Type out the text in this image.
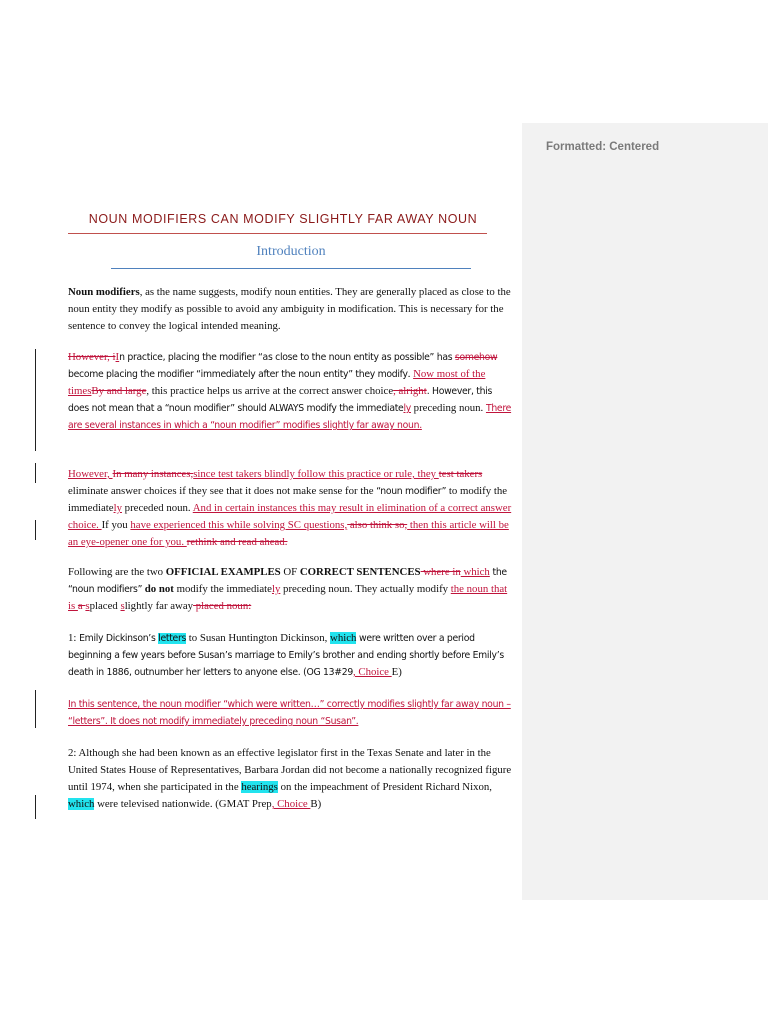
NOUN MODIFIERS CAN MODIFY SLIGHTLY FAR AWAY NOUN
Introduction
Noun modifiers, as the name suggests, modify noun entities. They are generally placed as close to the noun entity they modify as possible to avoid any ambiguity in modification. This is necessary for the sentence to convey the logical intended meaning.
However, iIn practice, placing the modifier “as close to the noun entity as possible” has somehow become placing the modifier “immediately after the noun entity” they modify. Now most of the timesBy and large, this practice helps us arrive at the correct answer choice, alright. However, this does not mean that a “noun modifier” should ALWAYS modify the immediately preceding noun. There are several instances in which a “noun modifier” modifies slightly far away noun.
However, In many instances,since test takers blindly follow this practice or rule, they test takers eliminate answer choices if they see that it does not make sense for the “noun modifier” to modify the immediately preceded noun. And in certain instances this may result in elimination of a correct answer choice. If you have experienced this while solving SC questions, also think so, then this article will be an eye-opener one for you. rethink and read ahead.
Following are the two OFFICIAL EXAMPLES OF CORRECT SENTENCES where in which the “noun modifiers” do not modify the immediately preceding noun. They actually modify the noun that is a splaced slightly far away placed noun:
1: Emily Dickinson’s letters to Susan Huntington Dickinson, which were written over a period beginning a few years before Susan’s marriage to Emily’s brother and ending shortly before Emily’s death in 1886, outnumber her letters to anyone else. (OG 13#29, Choice E)
In this sentence, the noun modifier “which were written…” correctly modifies slightly far away noun – “letters”. It does not modify immediately preceding noun “Susan”.
2: Although she had been known as an effective legislator first in the Texas Senate and later in the United States House of Representatives, Barbara Jordan did not become a nationally recognized figure until 1974, when she participated in the hearings on the impeachment of President Richard Nixon, which were televised nationwide. (GMAT Prep, Choice B)
Formatted: Centered
